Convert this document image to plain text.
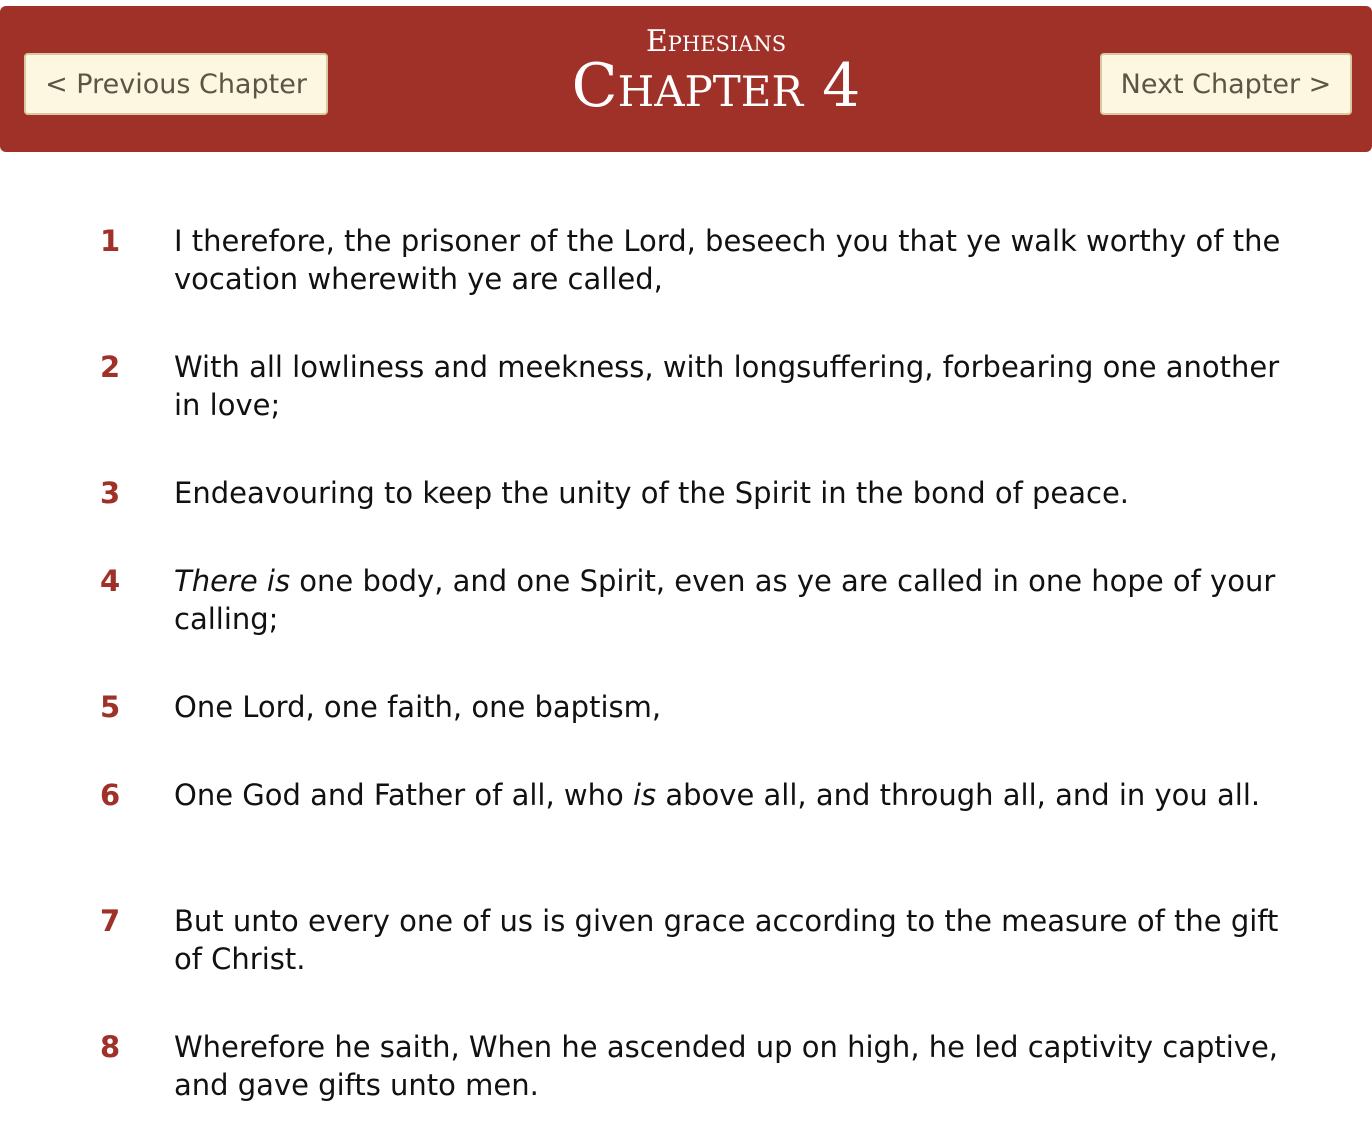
< Previous Chapter
Ephesians
Chapter 4	Next Chapter >
1 I therefore, the prisoner of the Lord, beseech you that ye walk worthy of the vocation wherewith ye are called,
2 With all lowliness and meekness, with longsuffering, forbearing one another in love;
3 Endeavouring to keep the unity of the Spirit in the bond of peace.
4 There is one body, and one Spirit, even as ye are called in one hope of your calling;
5 One Lord, one faith, one baptism,
6 One God and Father of all, who is above all, and through all, and in you all.
7 But unto every one of us is given grace according to the measure of the gift of Christ.
8 Wherefore he saith, When he ascended up on high, he led captivity captive, and gave gifts unto men.
